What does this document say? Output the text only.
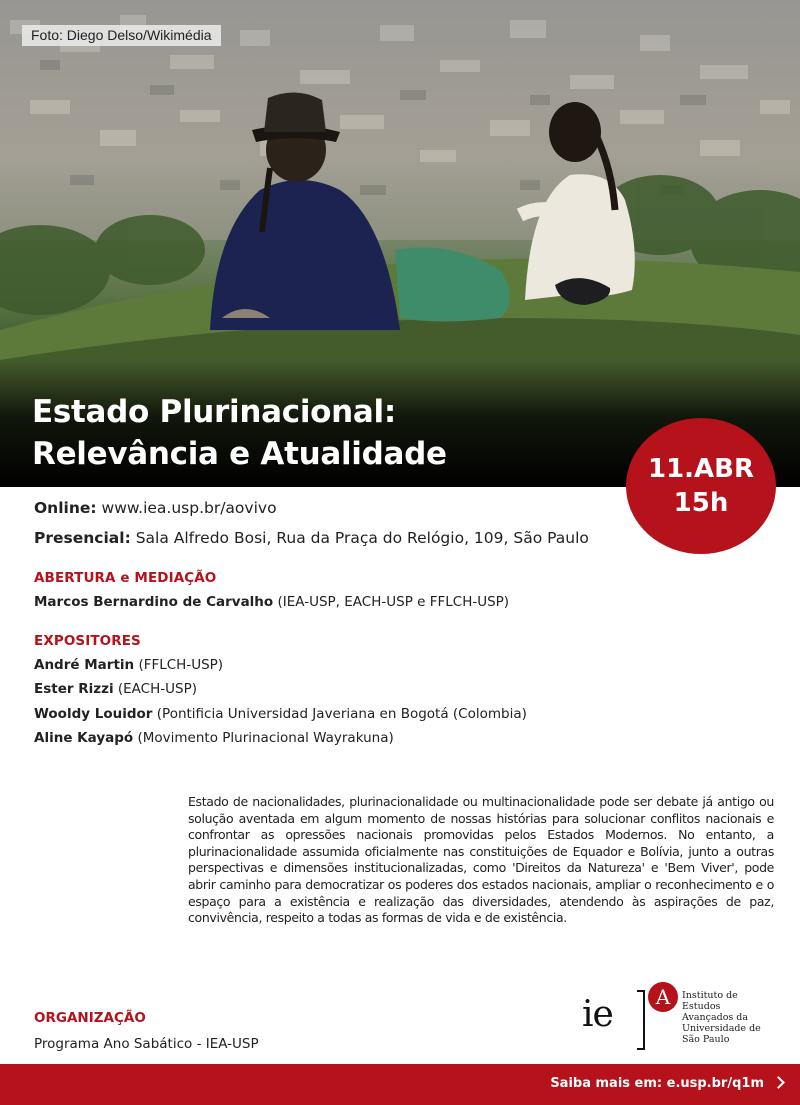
Foto: Diego Delso/Wikimédia
Estado Plurinacional:
Relevância e Atualidade	11.ABR
15h
Online: www.iea.usp.br/aovivo
Presencial: Sala Alfredo Bosi, Rua da Praça do Relógio, 109, São Paulo
ABERTURA e MEDIAÇÃO
Marcos Bernardino de Carvalho (IEA-USP, EACH-USP e FFLCH-USP)
EXPOSITORES
André Martin (FFLCH-USP)
Ester Rizzi (EACH-USP)
Wooldy Louidor (Pontificia Universidad Javeriana en Bogotá (Colombia)
Aline Kayapó (Movimento Plurinacional Wayrakuna)
Estado de nacionalidades, plurinacionalidade ou multinacionalidade pode ser debate já antigo ou solução aventada em algum momento de nossas histórias para solucionar conflitos nacionais e confrontar as opressões nacionais promovidas pelos Estados Modernos. No entanto, a plurinacionalidade assumida oficialmente nas constituições de Equador e Bolívia, junto a outras perspectivas e dimensões institucionalizadas, como 'Direitos da Natureza' e 'Bem Viver', pode abrir caminho para democratizar os poderes dos estados nacionais, ampliar o reconhecimento e o espaço para a existência e realização das diversidades, atendendo às aspirações de paz, convivência, respeito a todas as formas de vida e de existência.
ORGANIZAÇÃO
Programa Ano Sabático - IEA-USP
ie	A	Instituto de
Estudos
Avançados da
Universidade de
São Paulo
Saiba mais em: e.usp.br/q1m
